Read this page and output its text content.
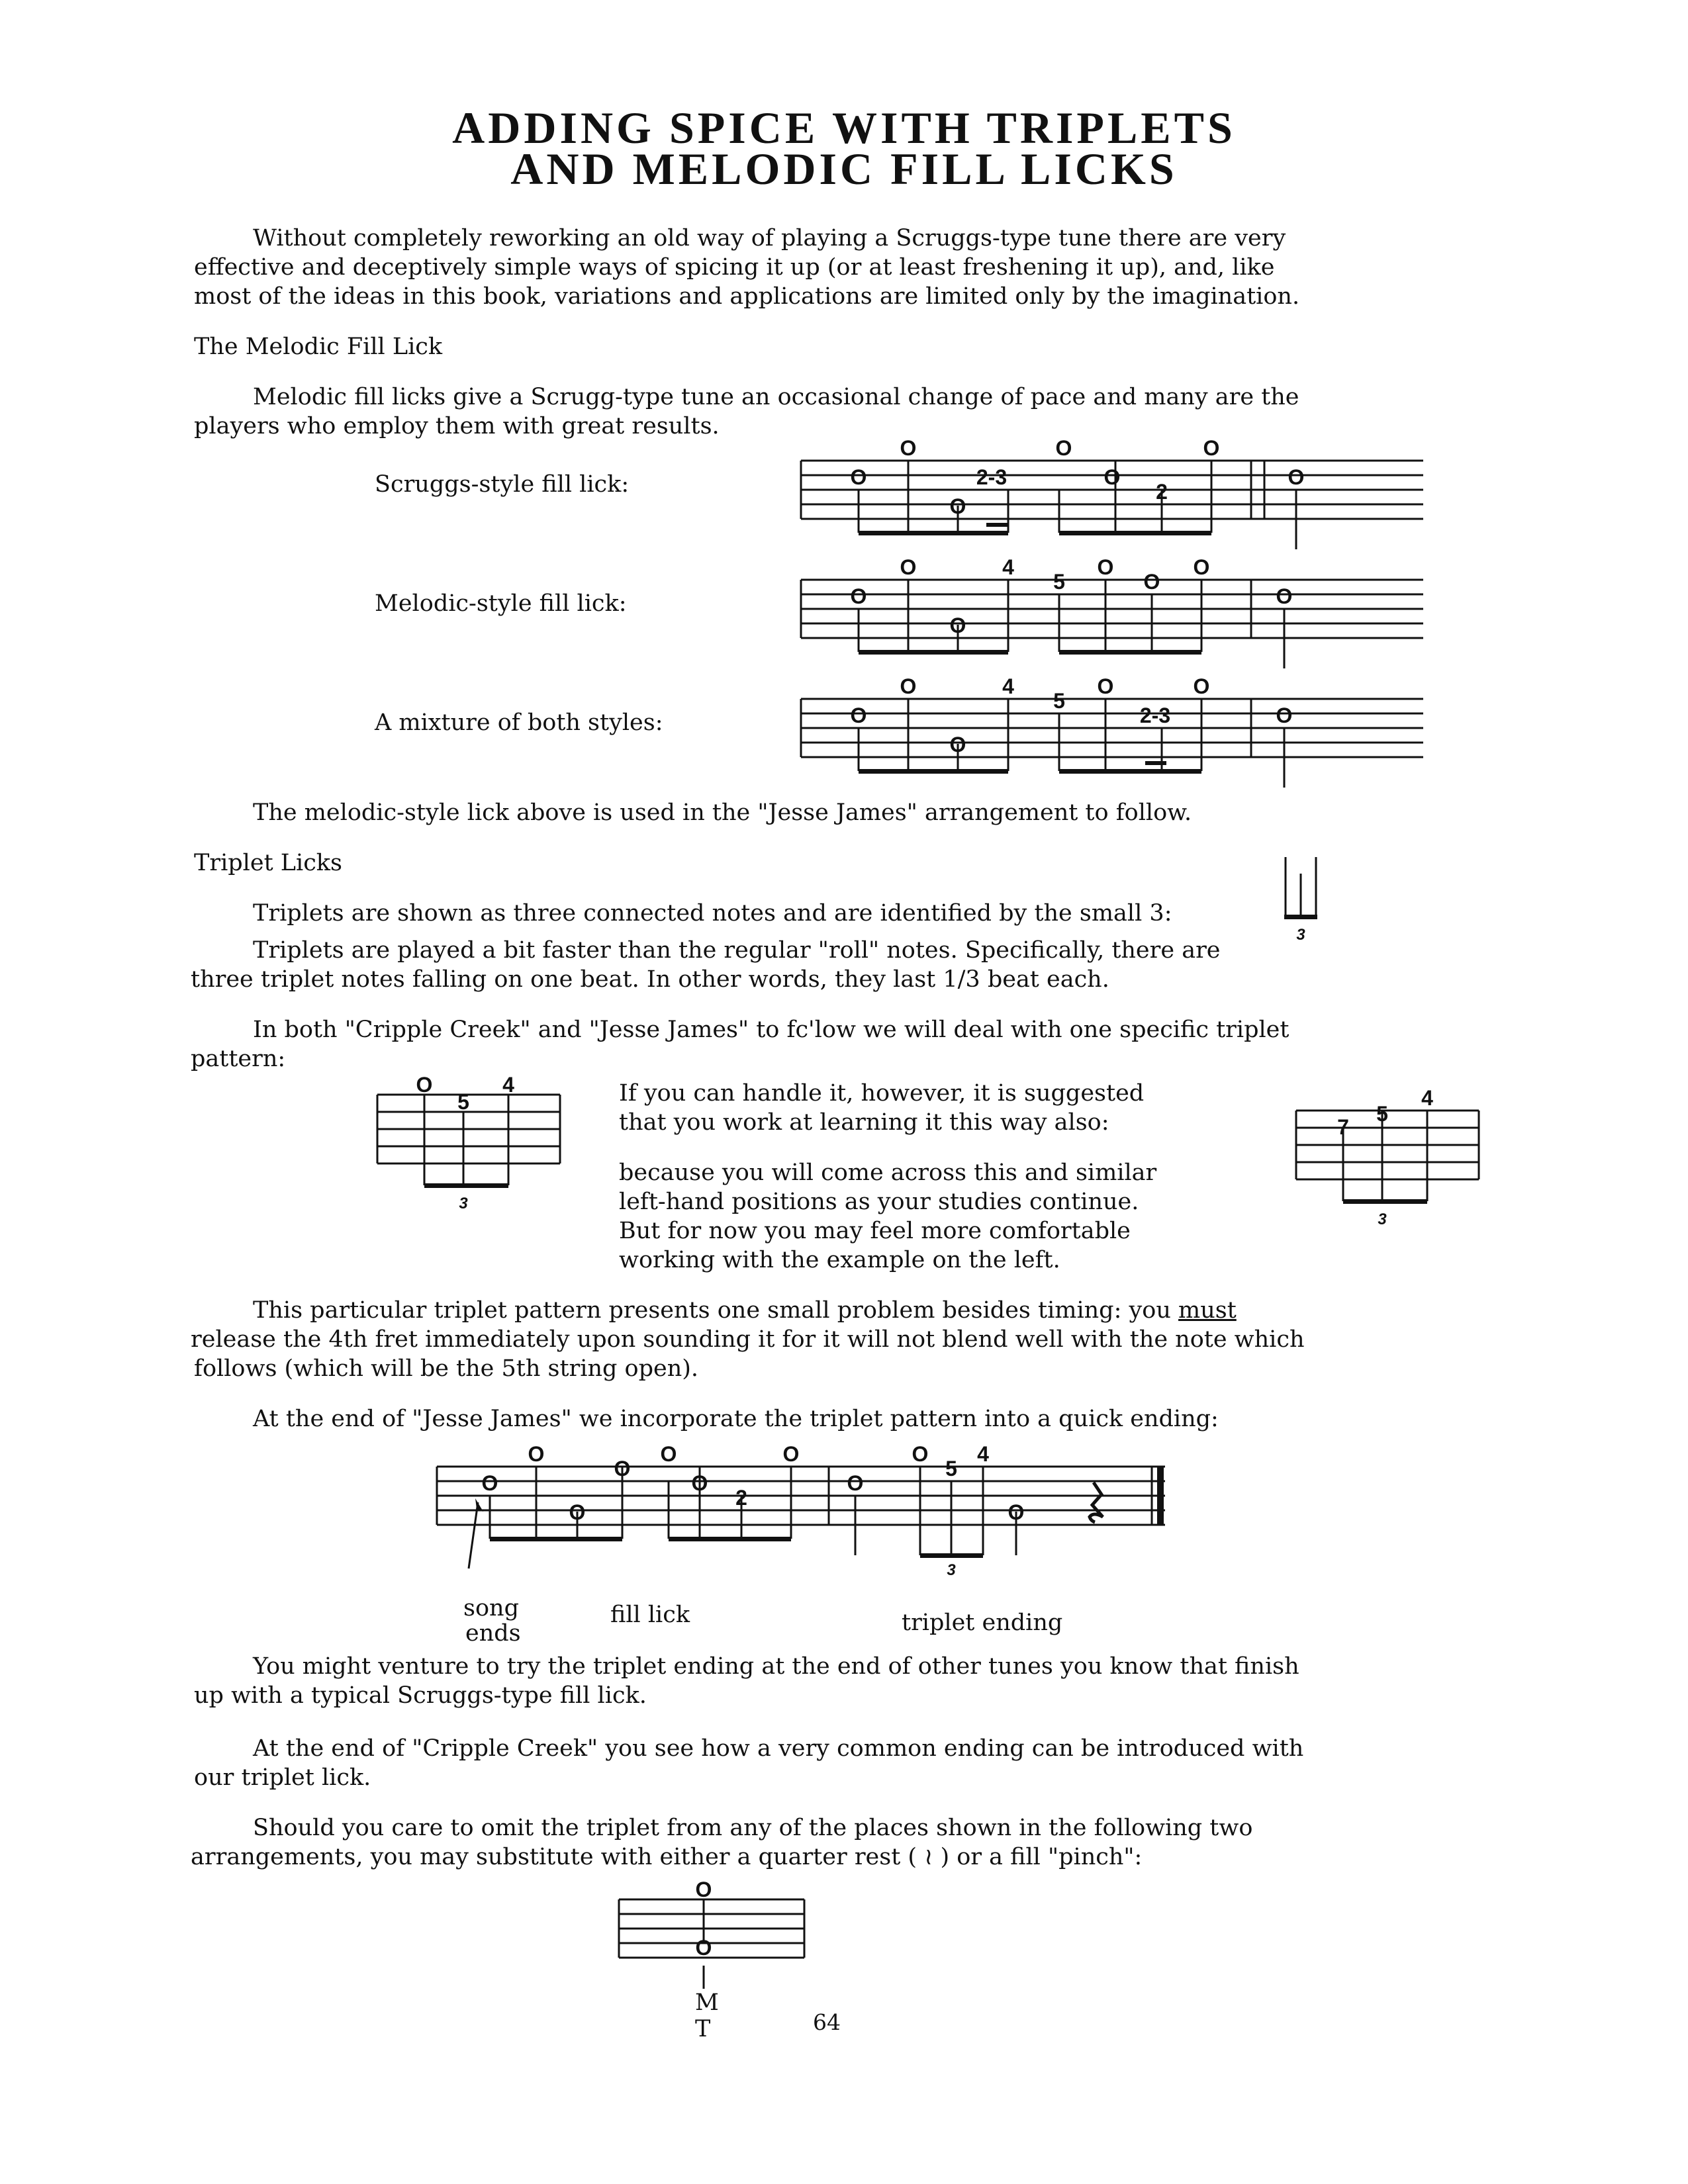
ADDING SPICE WITH TRIPLETS
AND MELODIC FILL LICKS
Without completely reworking an old way of playing a Scruggs-type tune there are very
effective and deceptively simple ways of spicing it up (or at least freshening it up), and, like
most of the ideas in this book, variations and applications are limited only by the imagination.
The Melodic Fill Lick
Melodic fill licks give a Scrugg-type tune an occasional change of pace and many are the
players who employ them with great results.
Scruggs-style fill lick:
Melodic-style fill lick:
A mixture of both styles:
O	O	O
O	2-3	O
2
O
O
O	4	O	O
5	O
O
O
O
O	4	O	O
5
O	2-3
O
O
The melodic-style lick above is used in the "Jesse James" arrangement to follow.
Triplet Licks
Triplets are shown as three connected notes and are identified by the small 3:
3
Triplets are played a bit faster than the regular "roll" notes. Specifically, there are
three triplet notes falling on one beat. In other words, they last 1/3 beat each.
In both "Cripple Creek" and "Jesse James" to fc'low we will deal with one specific triplet
pattern:
O	4
5
3
If you can handle it, however, it is suggested
that you work at learning it this way also:
because you will come across this and similar
left-hand positions as your studies continue.
But for now you may feel more comfortable
working with the example on the left.
4
5
7
3
This particular triplet pattern presents one small problem besides timing: you must
release the 4th fret immediately upon sounding it for it will not blend well with the note which
follows (which will be the 5th string open).
At the end of "Jesse James" we incorporate the triplet pattern into a quick ending:
O	O	O	O 4
O	5
O	O	O
2
O	O
3
song
ends
fill lick	triplet ending
You might venture to try the triplet ending at the end of other tunes you know that finish
up with a typical Scruggs-type fill lick.
At the end of "Cripple Creek" you see how a very common ending can be introduced with
our triplet lick.
Should you care to omit the triplet from any of the places shown in the following two
arrangements, you may substitute with either a quarter rest ( ≀ ) or a fill "pinch":
O
O
M
T	64
